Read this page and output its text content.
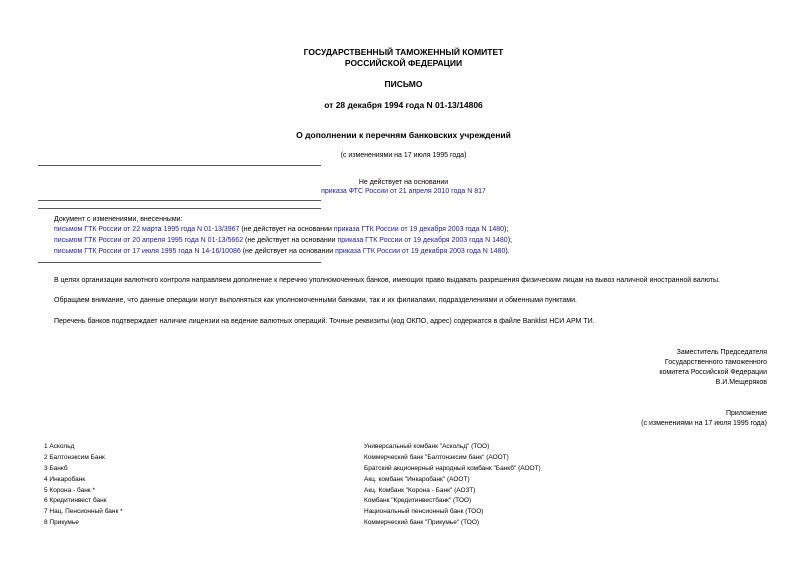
ГОСУДАРСТВЕННЫЙ ТАМОЖЕННЫЙ КОМИТЕТ
РОССИЙСКОЙ ФЕДЕРАЦИИ
ПИСЬМО
от 28 декабря 1994 года N 01-13/14806
О дополнении к перечням банковских учреждений
(с изменениями на 17 июля 1995 года)
Не действует на основании
приказа ФТС России от 21 апреля 2010 года N 817
Документ с изменениями, внесенными:
письмом ГТК России от 22 марта 1995 года N 01-13/3967 (не действует на основании приказа ГТК России от 19 декабря 2003 года N 1480);
письмом ГТК России от 20 апреля 1995 года N 01-13/5662 (не действует на основании приказа ГТК России от 19 декабря 2003 года N 1480);
письмом ГТК России от 17 июля 1995 года N 14-16/10086 (не действует на основании приказа ГТК России от 19 декабря 2003 года N 1480).
В целях организации валютного контроля направляем дополнение к перечню уполномоченных банков, имеющих право выдавать разрешения физическим лицам на вывоз наличной иностранной валюты.
Обращаем внимание, что данные операции могут выполняться как уполномоченными банками, так и их филиалами, подразделениями и обменными пунктами.
Перечень банков подтверждает наличие лицензии на ведение валютных операций. Точные реквизиты (код ОКПО, адрес) содержатся в файле Banklist НСИ АРМ ТИ.
Заместитель Председателя
Государственного таможенного
комитета Российской Федерации
В.И.Мещеряков
Приложение
(с изменениями на 17 июля 1995 года)
1 Аскольд	Универсальный комбанк "Аскольд" (ТОО)
2 Балтонэксим Банк	Коммерческий банк "Балтонэксим банк" (АООТ)
3 Банкб	Братский акционерный народный комбанк "Банкб" (АООТ)
4 Инкаробанк	Акц. комбанк "Инкаробанк" (АООТ)
5 Корона - банк *	Акц. Комбанк "Корона - Банк" (АОЗТ)
6 Кредитинвест банк	Комбанк "Кредитинвестбанк" (ТОО)
7 Нац. Пенсионный банк *	Национальный пенсионный банк (ТОО)
8 Прикумье	Коммерческий банк "Прикумье" (ТОО)
